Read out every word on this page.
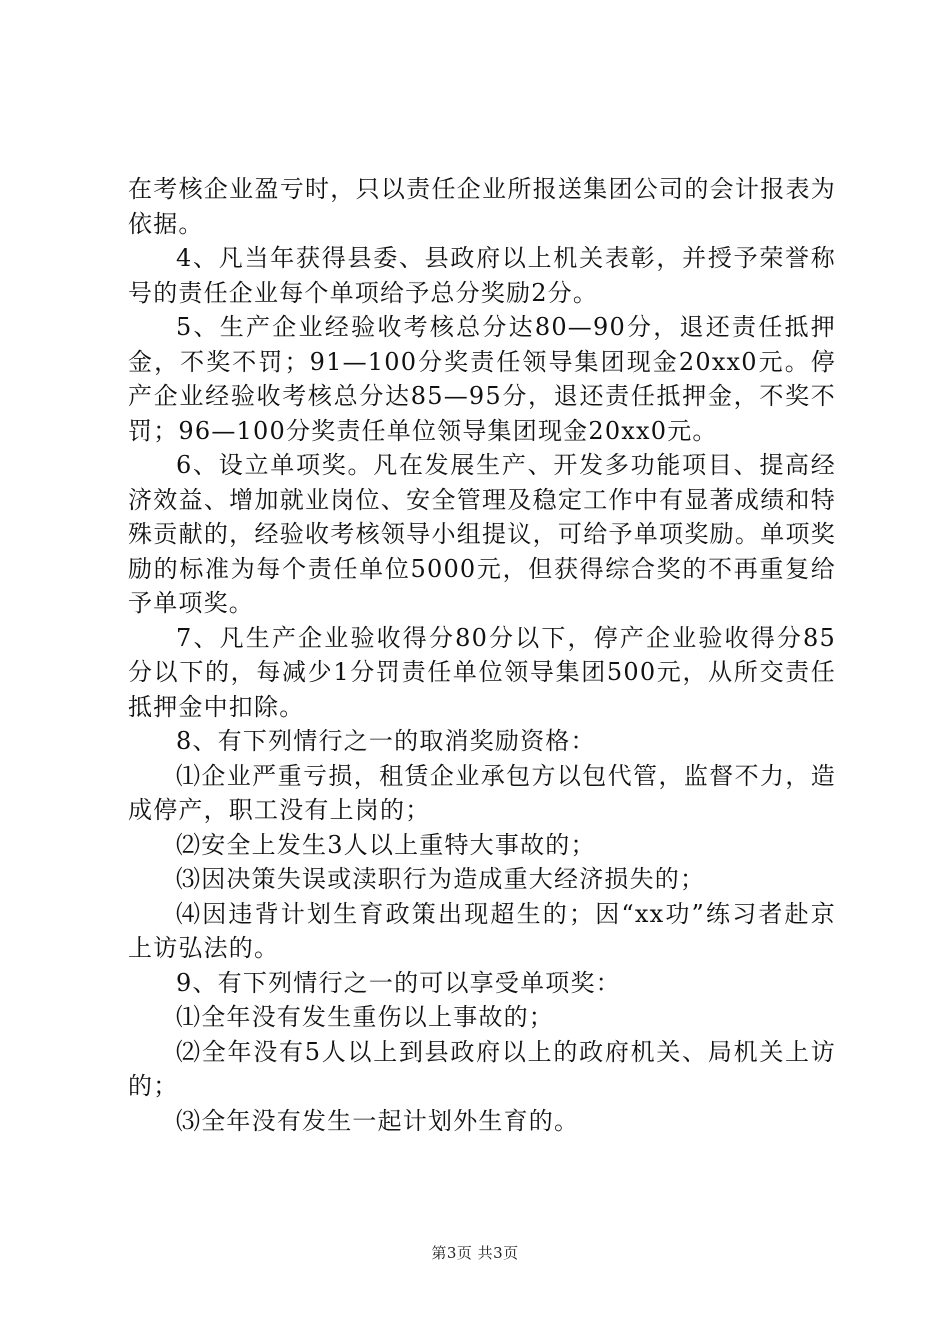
在考核企业盈亏时，只以责任企业所报送集团公司的会计报表为依据。

4、凡当年获得县委、县政府以上机关表彰，并授予荣誉称号的责任企业每个单项给予总分奖励2分。

5、生产企业经验收考核总分达80—90分，退还责任抵押金，不奖不罚；91—100分奖责任领导集团现金20xx0元。停产企业经验收考核总分达85—95分，退还责任抵押金，不奖不罚；96—100分奖责任单位领导集团现金20xx0元。

6、设立单项奖。凡在发展生产、开发多功能项目、提高经济效益、增加就业岗位、安全管理及稳定工作中有显著成绩和特殊贡献的，经验收考核领导小组提议，可给予单项奖励。单项奖励的标准为每个责任单位5000元，但获得综合奖的不再重复给予单项奖。

7、凡生产企业验收得分80分以下，停产企业验收得分85分以下的，每减少1分罚责任单位领导集团500元，从所交责任抵押金中扣除。

8、有下列情行之一的取消奖励资格：

⑴企业严重亏损，租赁企业承包方以包代管，监督不力，造成停产，职工没有上岗的；

⑵安全上发生3人以上重特大事故的；

⑶因决策失误或渎职行为造成重大经济损失的；

⑷因违背计划生育政策出现超生的；因“xx功”练习者赴京上访弘法的。

9、有下列情行之一的可以享受单项奖：

⑴全年没有发生重伤以上事故的；

⑵全年没有5人以上到县政府以上的政府机关、局机关上访的；

⑶全年没有发生一起计划外生育的。

第3页 共3页
